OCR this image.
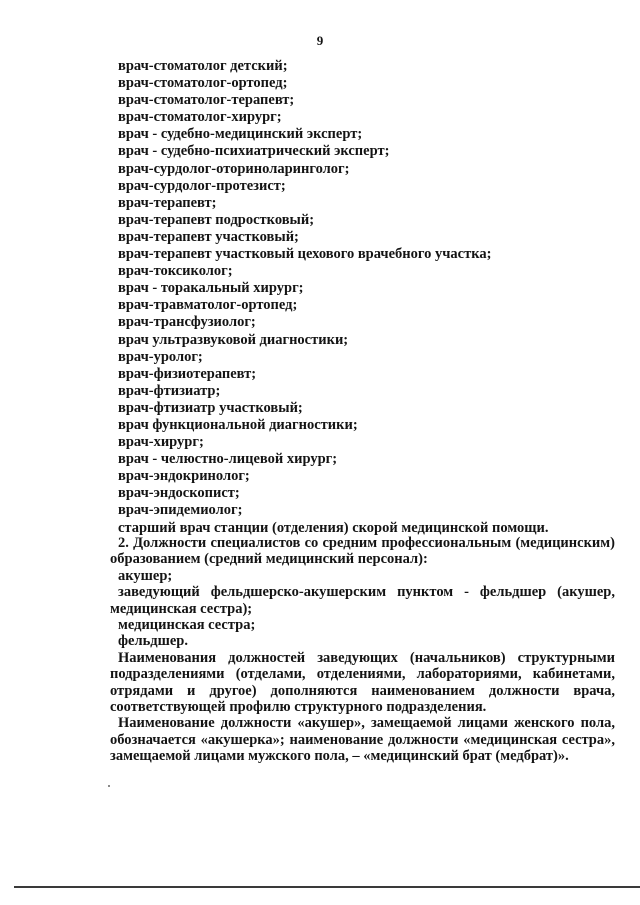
9
врач-стоматолог детский;
врач-стоматолог-ортопед;
врач-стоматолог-терапевт;
врач-стоматолог-хирург;
врач - судебно-медицинский эксперт;
врач - судебно-психиатрический эксперт;
врач-сурдолог-оториноларинголог;
врач-сурдолог-протезист;
врач-терапевт;
врач-терапевт подростковый;
врач-терапевт участковый;
врач-терапевт участковый цехового врачебного участка;
врач-токсиколог;
врач - торакальный хирург;
врач-травматолог-ортопед;
врач-трансфузиолог;
врач ультразвуковой диагностики;
врач-уролог;
врач-физиотерапевт;
врач-фтизиатр;
врач-фтизиатр участковый;
врач функциональной диагностики;
врач-хирург;
врач - челюстно-лицевой хирург;
врач-эндокринолог;
врач-эндоскопист;
врач-эпидемиолог;
старший врач станции (отделения) скорой медицинской помощи.

2. Должности специалистов со средним профессиональным (медицинским) образованием (средний медицинский персонал):

акушер;

заведующий фельдшерско-акушерским пунктом - фельдшер (акушер, медицинская сестра);

медицинская сестра;

фельдшер.

Наименования должностей заведующих (начальников) структурными подразделениями (отделами, отделениями, лабораториями, кабинетами, отрядами и другое) дополняются наименованием должности врача, соответствующей профилю структурного подразделения.

Наименование должности «акушер», замещаемой лицами женского пола, обозначается «акушерка»; наименование должности «медицинская сестра», замещаемой лицами мужского пола, – «медицинский брат (медбрат)».
